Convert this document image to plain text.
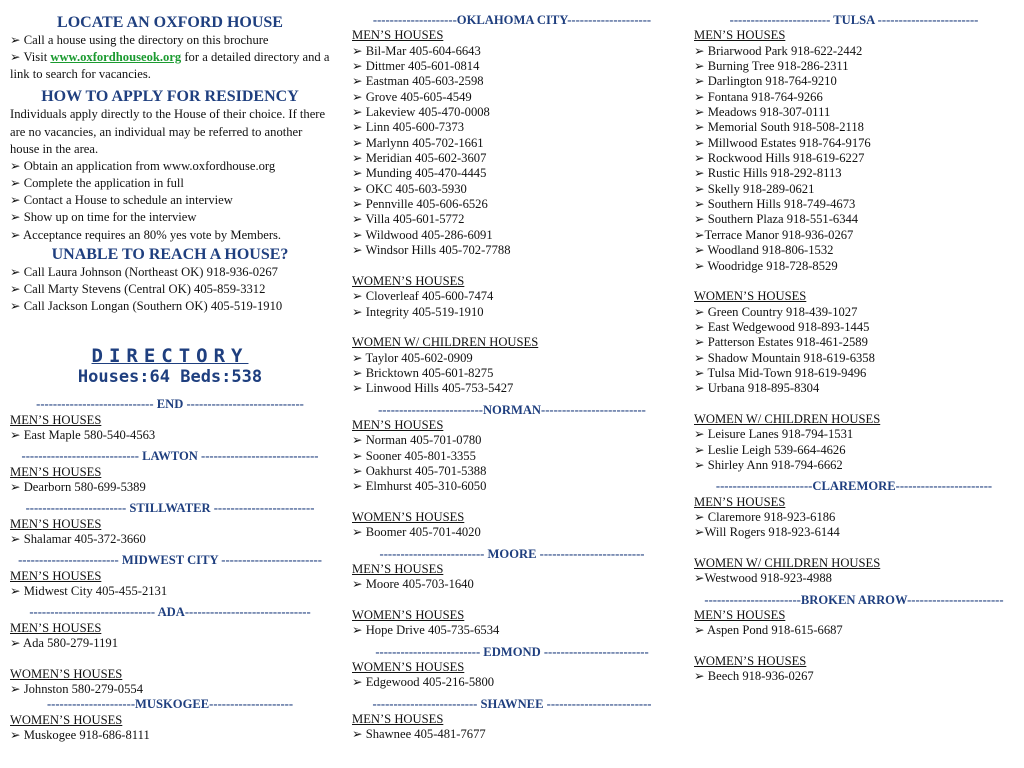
LOCATE AN OXFORD HOUSE
➢ Call a house using the directory on this brochure
➢ Visit www.oxfordhouseok.org for a detailed directory and a link to search for vacancies.
HOW TO APPLY FOR RESIDENCY
Individuals apply directly to the House of their choice. If there are no vacancies, an individual may be referred to another house in the area.
➢ Obtain an application from www.oxfordhouse.org
➢ Complete the application in full
➢ Contact a House to schedule an interview
➢ Show up on time for the interview
➢ Acceptance requires an 80% yes vote by Members.
UNABLE TO REACH A HOUSE?
➢ Call Laura Johnson (Northeast OK) 918-936-0267
➢ Call Marty Stevens (Central OK) 405-859-3312
➢ Call Jackson Longan (Southern OK) 405-519-1910
DIRECTORY
Houses:64 Beds:538
---------------------------- END ----------------------------
MEN’S HOUSES
➢ East Maple 580-540-4563
---------------------------- LAWTON ----------------------------
MEN’S HOUSES
➢ Dearborn 580-699-5389
------------------------ STILLWATER ------------------------
MEN’S HOUSES
➢ Shalamar 405-372-3660
------------------------ MIDWEST CITY ------------------------
MEN’S HOUSES
➢ Midwest City 405-455-2131
------------------------------ ADA------------------------------
MEN’S HOUSES
➢ Ada 580-279-1191
WOMEN’S HOUSES
➢ Johnston 580-279-0554
---------------------MUSKOGEE--------------------
WOMEN’S HOUSES
➢ Muskogee 918-686-8111
--------------------OKLAHOMA CITY--------------------
MEN’S HOUSES
➢ Bil-Mar 405-604-6643
➢ Dittmer 405-601-0814
➢ Eastman 405-603-2598
➢ Grove 405-605-4549
➢ Lakeview 405-470-0008
➢ Linn 405-600-7373
➢ Marlynn 405-702-1661
➢ Meridian 405-602-3607
➢ Munding 405-470-4445
➢ OKC 405-603-5930
➢ Pennville 405-606-6526
➢ Villa 405-601-5772
➢ Wildwood 405-286-6091
➢ Windsor Hills 405-702-7788
WOMEN’S HOUSES
➢ Cloverleaf 405-600-7474
➢ Integrity 405-519-1910
WOMEN W/ CHILDREN HOUSES
➢ Taylor 405-602-0909
➢ Bricktown 405-601-8275
➢ Linwood Hills 405-753-5427
-------------------------NORMAN-------------------------
MEN’S HOUSES
➢ Norman 405-701-0780
➢ Sooner 405-801-3355
➢ Oakhurst 405-701-5388
➢ Elmhurst 405-310-6050
WOMEN’S HOUSES
➢ Boomer 405-701-4020
------------------------- MOORE -------------------------
MEN’S HOUSES
➢ Moore 405-703-1640
WOMEN’S HOUSES
➢ Hope Drive 405-735-6534
------------------------- EDMOND -------------------------
WOMEN’S HOUSES
➢ Edgewood 405-216-5800
------------------------- SHAWNEE -------------------------
MEN’S HOUSES
➢ Shawnee 405-481-7677
------------------------ TULSA ------------------------
MEN’S HOUSES
➢ Briarwood Park 918-622-2442
➢ Burning Tree 918-286-2311
➢ Darlington 918-764-9210
➢ Fontana 918-764-9266
➢ Meadows 918-307-0111
➢ Memorial South 918-508-2118
➢ Millwood Estates 918-764-9176
➢ Rockwood Hills 918-619-6227
➢ Rustic Hills 918-292-8113
➢ Skelly 918-289-0621
➢ Southern Hills 918-749-4673
➢ Southern Plaza 918-551-6344
➢Terrace Manor 918-936-0267
➢ Woodland 918-806-1532
➢ Woodridge 918-728-8529
WOMEN’S HOUSES
➢ Green Country 918-439-1027
➢ East Wedgewood 918-893-1445
➢ Patterson Estates 918-461-2589
➢ Shadow Mountain 918-619-6358
➢ Tulsa Mid-Town 918-619-9496
➢ Urbana 918-895-8304
WOMEN W/ CHILDREN HOUSES
➢ Leisure Lanes 918-794-1531
➢ Leslie Leigh 539-664-4626
➢ Shirley Ann 918-794-6662
-----------------------CLAREMORE-----------------------
MEN’S HOUSES
➢ Claremore 918-923-6186
➢Will Rogers 918-923-6144
WOMEN W/ CHILDREN HOUSES
➢Westwood 918-923-4988
-----------------------BROKEN ARROW-----------------------
MEN’S HOUSES
➢ Aspen Pond 918-615-6687
WOMEN’S HOUSES
➢ Beech 918-936-0267
